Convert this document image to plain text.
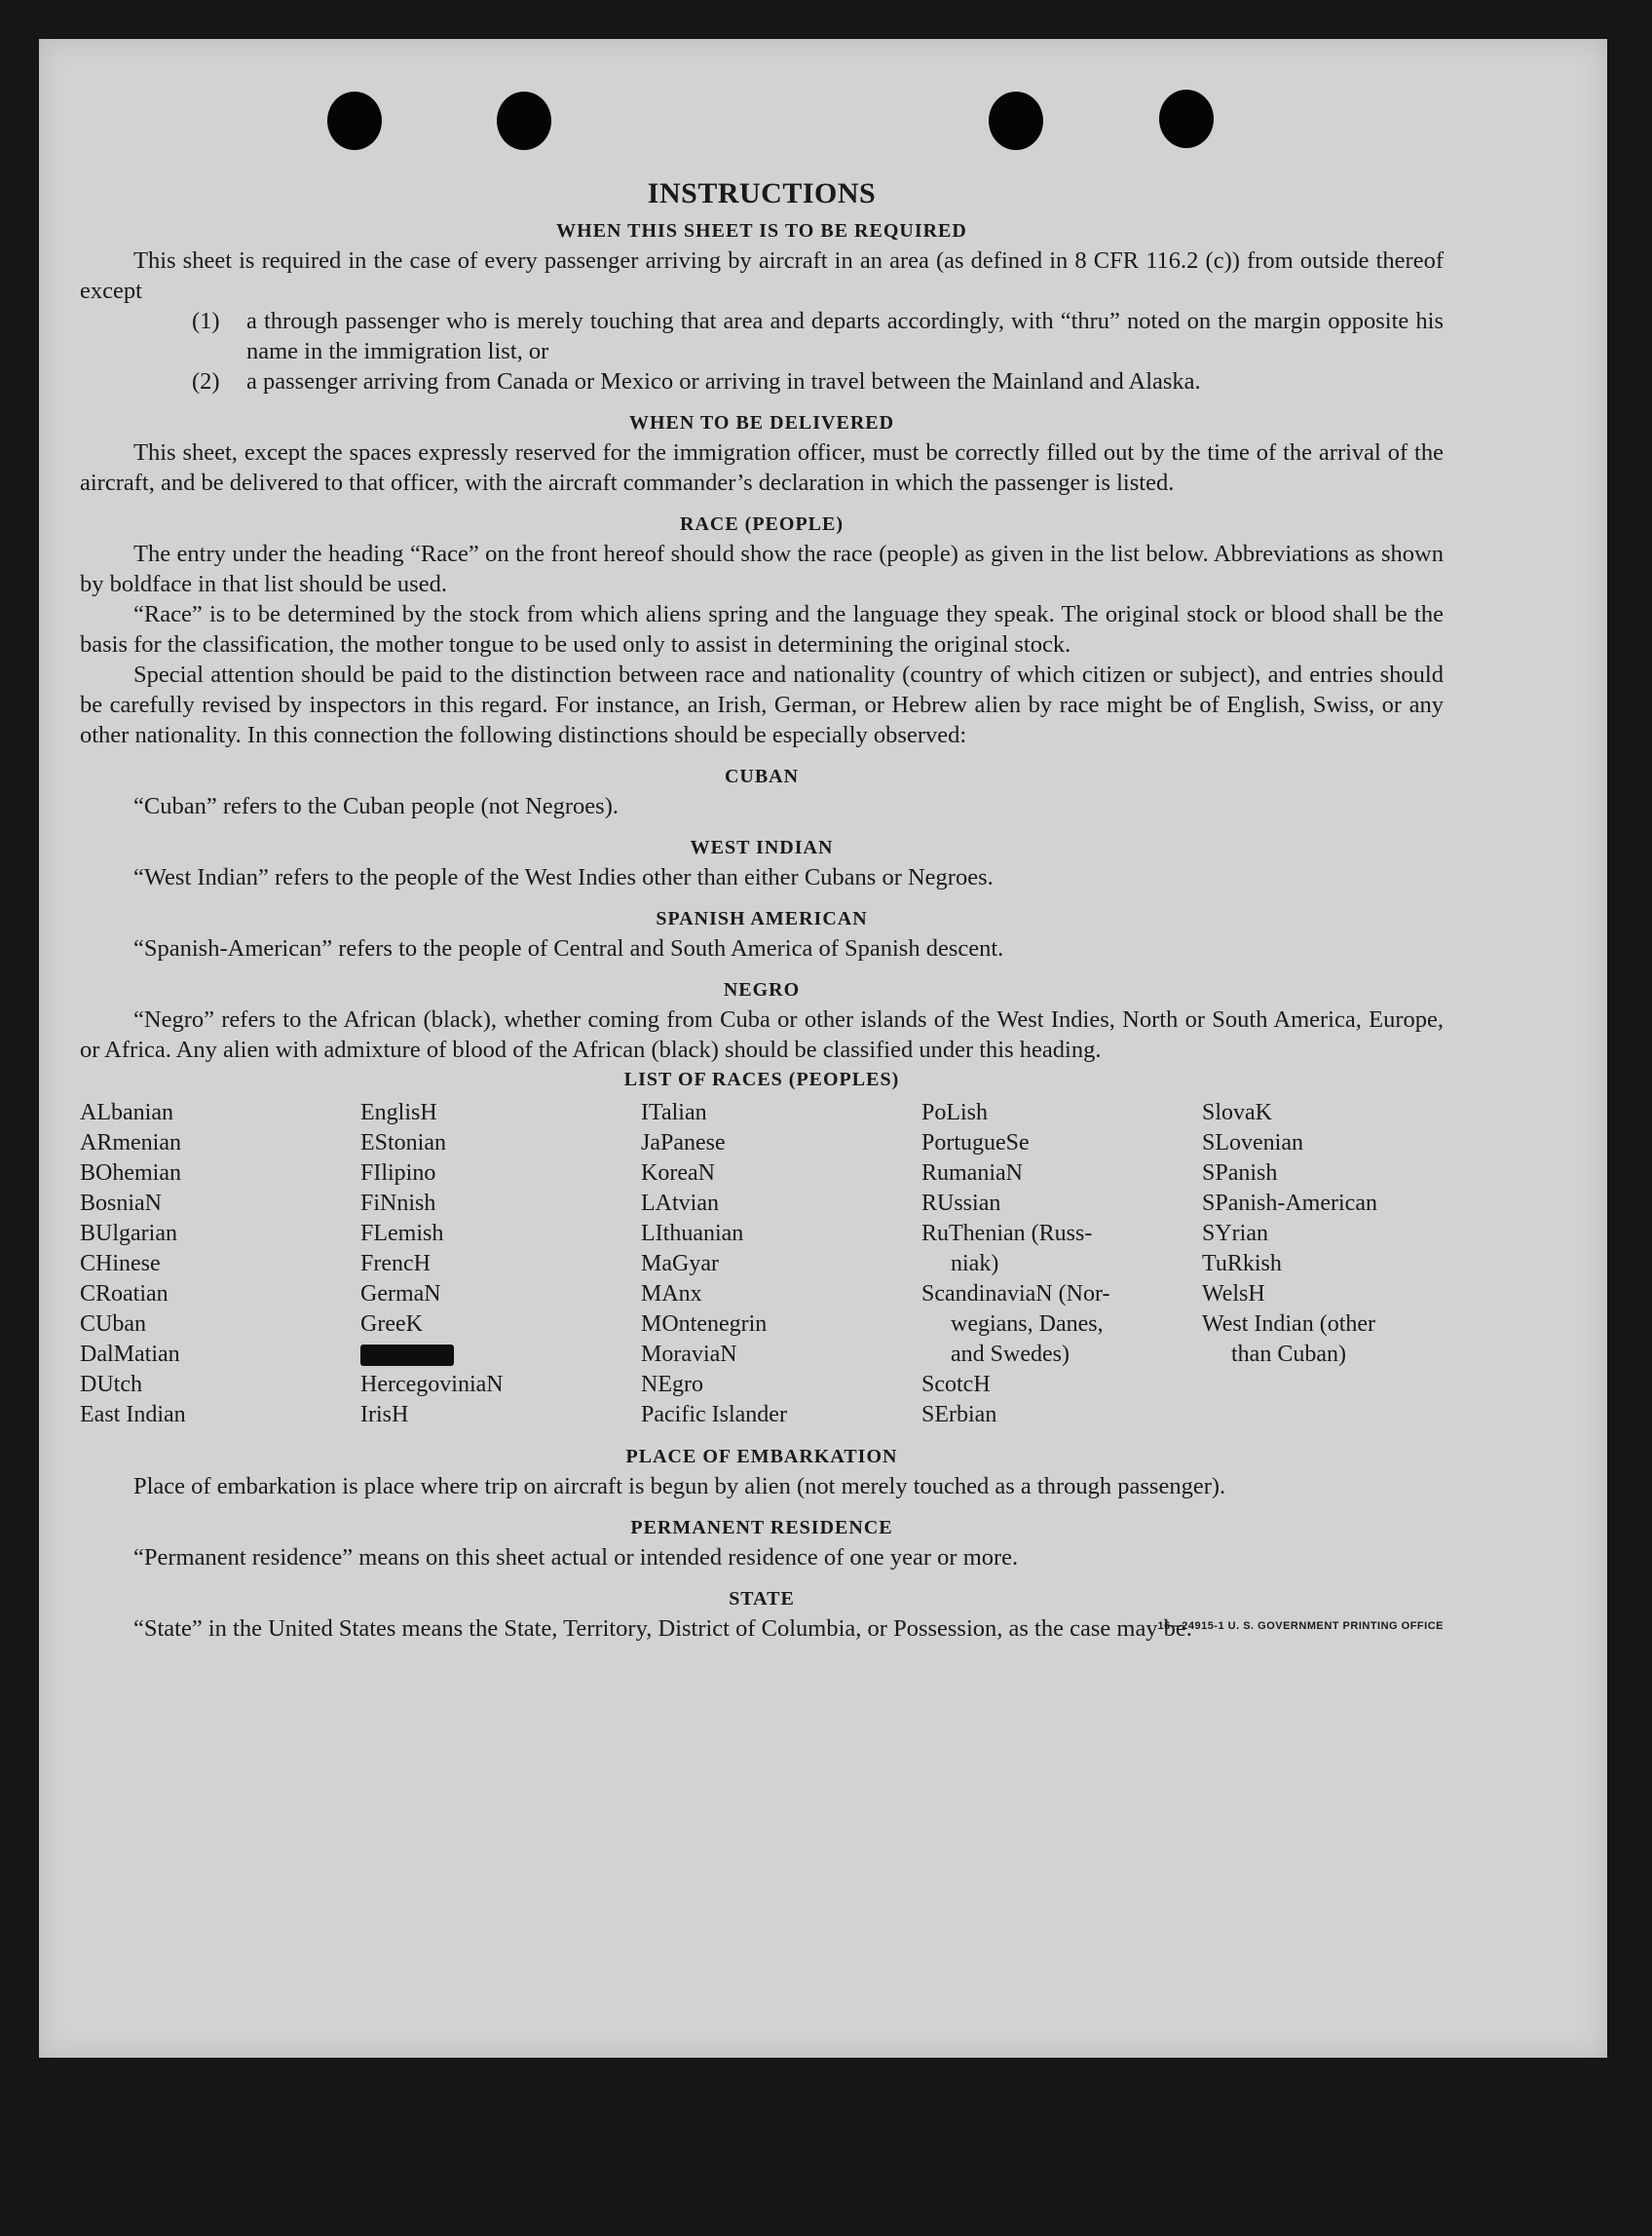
INSTRUCTIONS
WHEN THIS SHEET IS TO BE REQUIRED

This sheet is required in the case of every passenger arriving by aircraft in an area (as defined in 8 CFR 116.2 (c)) from outside thereof except

(1) a through passenger who is merely touching that area and departs accordingly, with “thru” noted on the margin opposite his name in the immigration list, or
(2) a passenger arriving from Canada or Mexico or arriving in travel between the Mainland and Alaska.
WHEN TO BE DELIVERED

This sheet, except the spaces expressly reserved for the immigration officer, must be correctly filled out by the time of the arrival of the aircraft, and be delivered to that officer, with the aircraft commander’s declaration in which the passenger is listed.

RACE (PEOPLE)

The entry under the heading “Race” on the front hereof should show the race (people) as given in the list below. Abbreviations as shown by boldface in that list should be used.

“Race” is to be determined by the stock from which aliens spring and the language they speak. The original stock or blood shall be the basis for the classification, the mother tongue to be used only to assist in determining the original stock.

Special attention should be paid to the distinction between race and nationality (country of which citizen or subject), and entries should be carefully revised by inspectors in this regard. For instance, an Irish, German, or Hebrew alien by race might be of English, Swiss, or any other nationality. In this connection the following distinctions should be especially observed:

CUBAN

“Cuban” refers to the Cuban people (not Negroes).

WEST INDIAN

“West Indian” refers to the people of the West Indies other than either Cubans or Negroes.

SPANISH AMERICAN

“Spanish-American” refers to the people of Central and South America of Spanish descent.

NEGRO

“Negro” refers to the African (black), whether coming from Cuba or other islands of the West Indies, North or South America, Europe, or Africa. Any alien with admixture of blood of the African (black) should be classified under this heading.

LIST OF RACES (PEOPLES)
ALbanian
ARmenian
BOhemian
BosniaN
BUlgarian
CHinese
CRoatian
CUban
DalMatian
DUtch
East Indian
EnglisH
EStonian
FIlipino
FiNnish
FLemish
FrencH
GermaN
GreeK
HercegoviniaN
IrisH
ITalian
JaPanese
KoreaN
LAtvian
LIthuanian
MaGyar
MAnx
MOntenegrin
MoraviaN
NEgro
Pacific Islander
PoLish
PortugueSe
RumaniaN
RUssian
RuThenian (Russ-
niak)
ScandinaviaN (Nor-
wegians, Danes,
and Swedes)
ScotcH
SErbian
SlovaK
SLovenian
SPanish
SPanish-American
SYrian
TuRkish
WelsH
West Indian (other
than Cuban)
PLACE OF EMBARKATION

Place of embarkation is place where trip on aircraft is begun by alien (not merely touched as a through passenger).

PERMANENT RESIDENCE

“Permanent residence” means on this sheet actual or intended residence of one year or more.

STATE

“State” in the United States means the State, Territory, District of Columbia, or Possession, as the case may be.

16—24915-1 U. S. GOVERNMENT PRINTING OFFICE
